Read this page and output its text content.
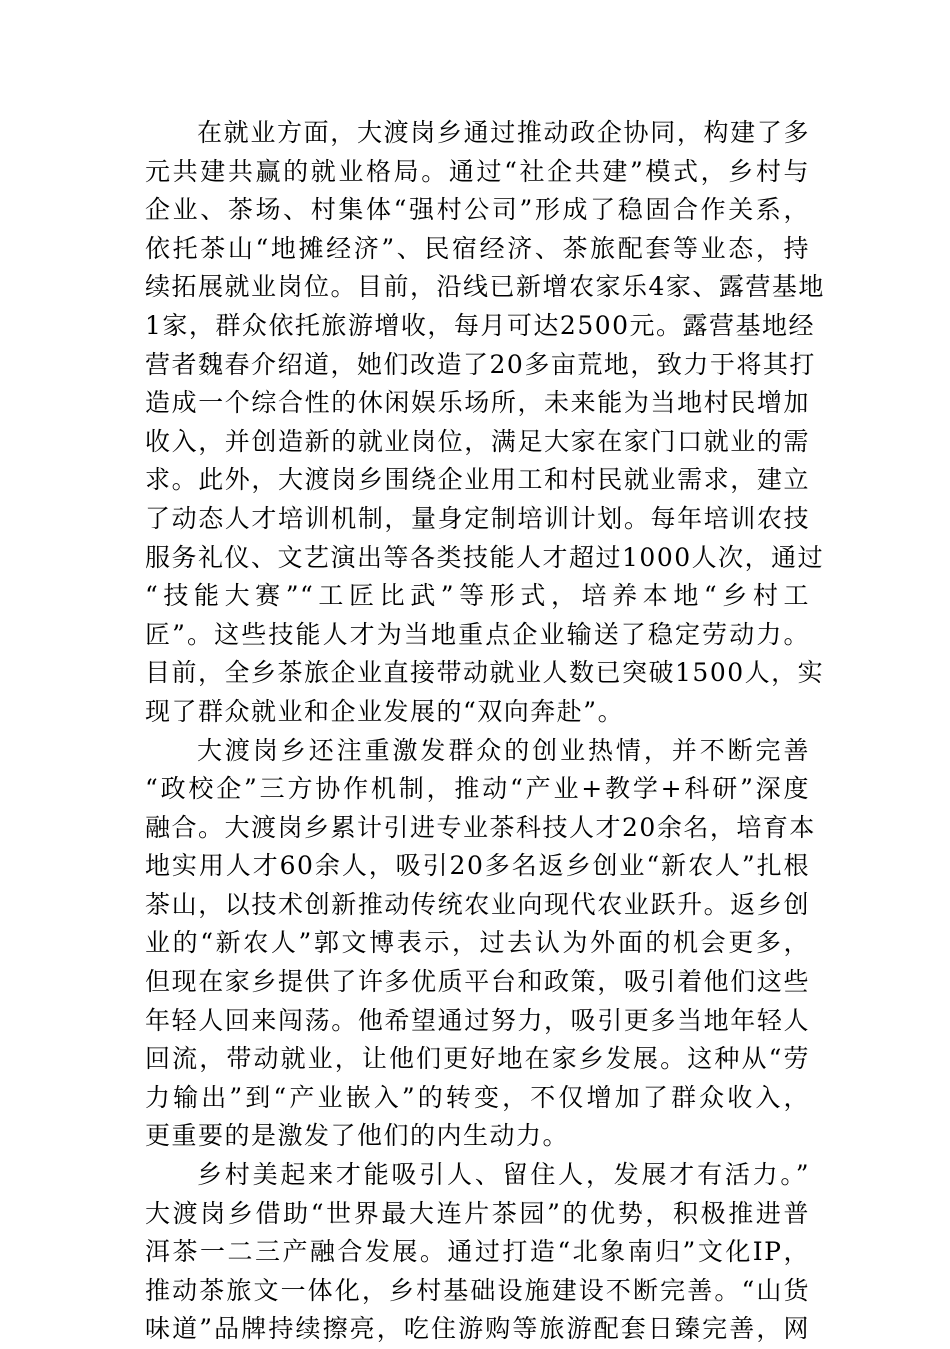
在就业方面，大渡岗乡通过推动政企协同，构建了多
元共建共赢的就业格局。通过“社企共建”模式，乡村与
企业、茶场、村集体“强村公司”形成了稳固合作关系，
依托茶山“地摊经济”、民宿经济、茶旅配套等业态，持
续拓展就业岗位。目前，沿线已新增农家乐4家、露营基地
1家，群众依托旅游增收，每月可达2500元。露营基地经
营者魏春介绍道，她们改造了20多亩荒地，致力于将其打
造成一个综合性的休闲娱乐场所，未来能为当地村民增加
收入，并创造新的就业岗位，满足大家在家门口就业的需
求。此外，大渡岗乡围绕企业用工和村民就业需求，建立
了动态人才培训机制，量身定制培训计划。每年培训农技
服务礼仪、文艺演出等各类技能人才超过1000人次，通过
“技能大赛”“工匠比武”等形式，培养本地“乡村工
匠”。这些技能人才为当地重点企业输送了稳定劳动力。
目前，全乡茶旅企业直接带动就业人数已突破1500人，实
现了群众就业和企业发展的“双向奔赴”。
大渡岗乡还注重激发群众的创业热情，并不断完善
“政校企”三方协作机制，推动“产业+教学+科研”深度
融合。大渡岗乡累计引进专业茶科技人才20余名，培育本
地实用人才60余人，吸引20多名返乡创业“新农人”扎根
茶山，以技术创新推动传统农业向现代农业跃升。返乡创
业的“新农人”郭文博表示，过去认为外面的机会更多，
但现在家乡提供了许多优质平台和政策，吸引着他们这些
年轻人回来闯荡。他希望通过努力，吸引更多当地年轻人
回流，带动就业，让他们更好地在家乡发展。这种从“劳
力输出”到“产业嵌入”的转变，不仅增加了群众收入，
更重要的是激发了他们的内生动力。
乡村美起来才能吸引人、留住人，发展才有活力。”
大渡岗乡借助“世界最大连片茶园”的优势，积极推进普
洱茶一二三产融合发展。通过打造“北象南归”文化IP，
推动茶旅文一体化，乡村基础设施建设不断完善。“山货
味道”品牌持续擦亮，吃住游购等旅游配套日臻完善，网
